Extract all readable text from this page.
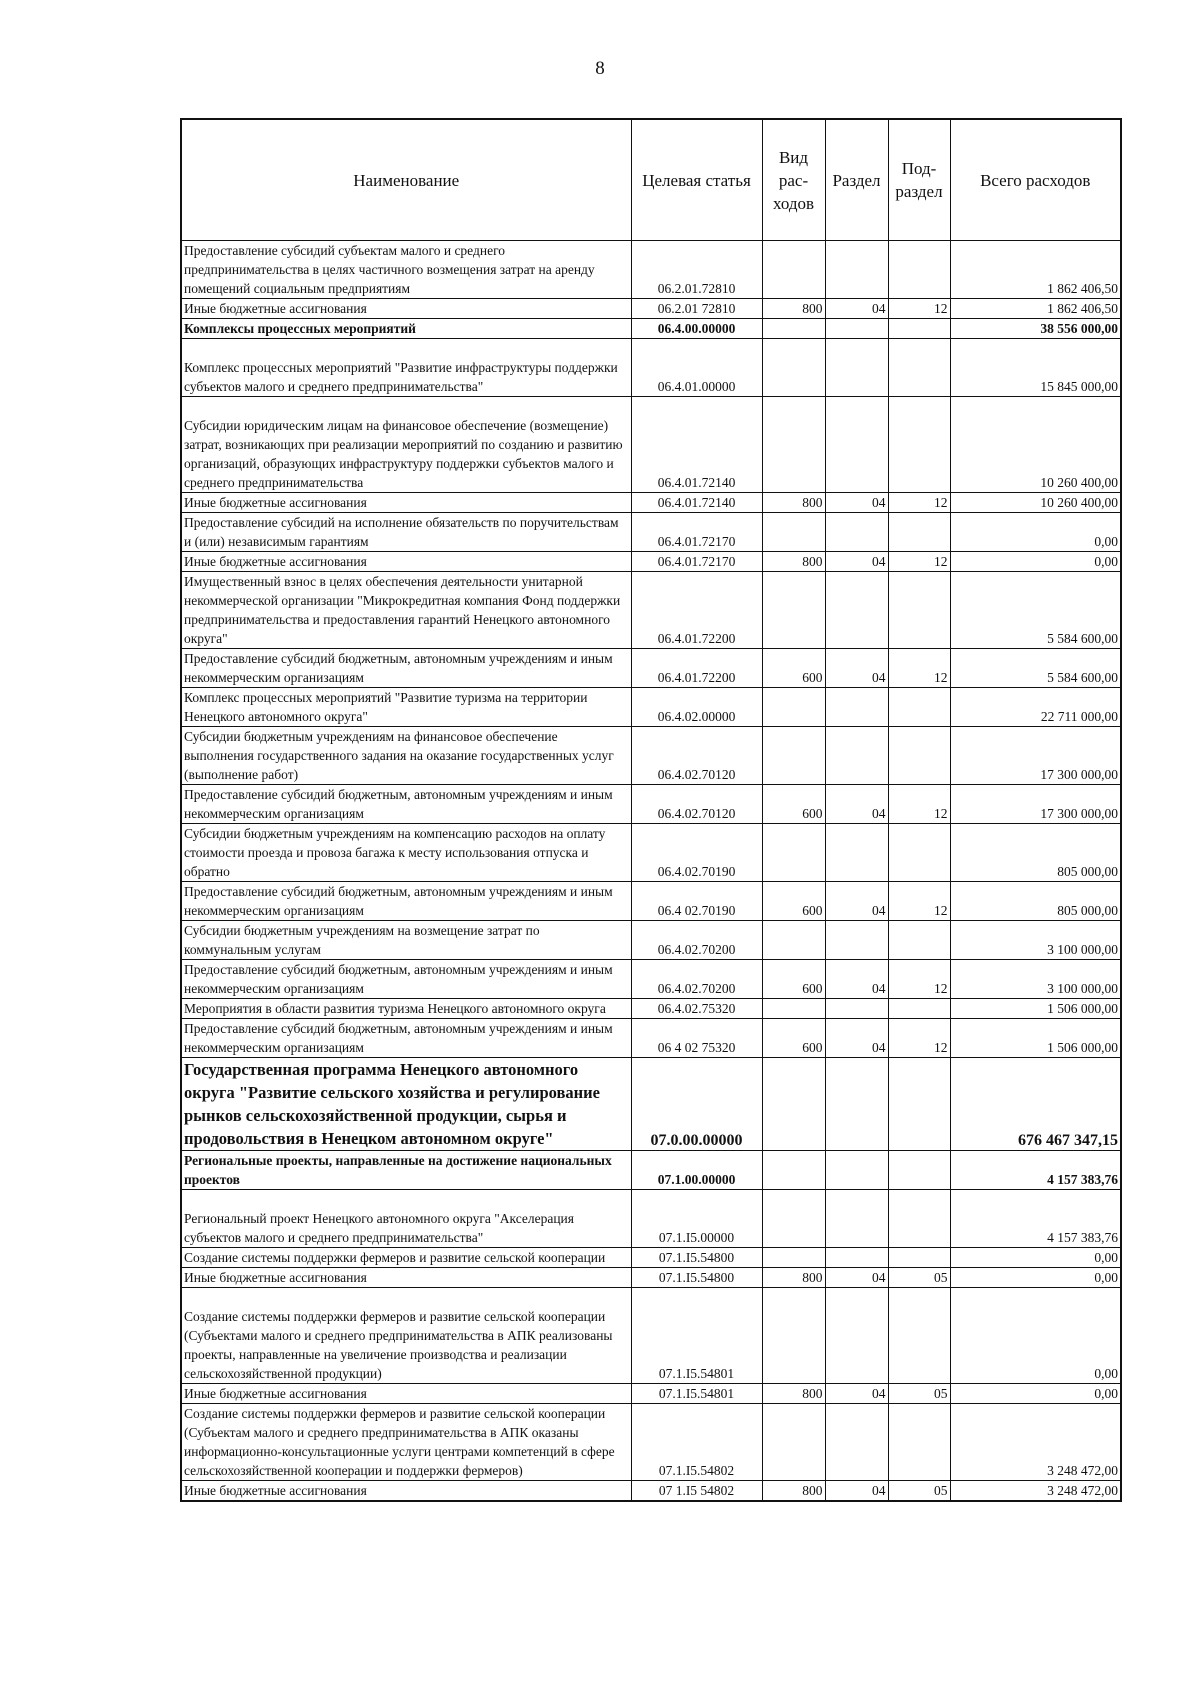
8
Наименование	Целевая статья	Вид рас- ходов	Раздел	Под- раздел	Всего расходов
Предоставление субсидий субъектам малого и среднего предпринимательства в целях частичного возмещения затрат на аренду помещений социальным предприятиям	06.2.01.72810				1 862 406,50
Иные бюджетные ассигнования	06.2.01 72810	800	04	12	1 862 406,50
Комплексы процессных мероприятий	06.4.00.00000				38 556 000,00
Комплекс процессных мероприятий "Развитие инфраструктуры поддержки субъектов малого и среднего предпринимательства"	06.4.01.00000				15 845 000,00
Субсидии юридическим лицам на финансовое обеспечение (возмещение) затрат, возникающих при реализации мероприятий по созданию и развитию организаций, образующих инфраструктуру поддержки субъектов малого и среднего предпринимательства	06.4.01.72140				10 260 400,00
Иные бюджетные ассигнования	06.4.01.72140	800	04	12	10 260 400,00
Предоставление субсидий на исполнение обязательств по поручительствам и (или) независимым гарантиям	06.4.01.72170				0,00
Иные бюджетные ассигнования	06.4.01.72170	800	04	12	0,00
Имущественный взнос в целях обеспечения деятельности унитарной некоммерческой организации "Микрокредитная компания Фонд поддержки предпринимательства и предоставления гарантий Ненецкого автономного округа"	06.4.01.72200				5 584 600,00
Предоставление субсидий бюджетным, автономным учреждениям и иным некоммерческим организациям	06.4.01.72200	600	04	12	5 584 600,00
Комплекс процессных мероприятий "Развитие туризма на территории Ненецкого автономного округа"	06.4.02.00000				22 711 000,00
Субсидии бюджетным учреждениям на финансовое обеспечение выполнения государственного задания на оказание государственных услуг (выполнение работ)	06.4.02.70120				17 300 000,00
Предоставление субсидий бюджетным, автономным учреждениям и иным некоммерческим организациям	06.4.02.70120	600	04	12	17 300 000,00
Субсидии бюджетным учреждениям на компенсацию расходов на оплату стоимости проезда и провоза багажа к месту использования отпуска и обратно	06.4.02.70190				805 000,00
Предоставление субсидий бюджетным, автономным учреждениям и иным некоммерческим организациям	06.4 02.70190	600	04	12	805 000,00
Субсидии бюджетным учреждениям на возмещение затрат по коммунальным услугам	06.4.02.70200				3 100 000,00
Предоставление субсидий бюджетным, автономным учреждениям и иным некоммерческим организациям	06.4.02.70200	600	04	12	3 100 000,00
Мероприятия в области развития туризма Ненецкого автономного округа	06.4.02.75320				1 506 000,00
Предоставление субсидий бюджетным, автономным учреждениям и иным некоммерческим организациям	06 4 02 75320	600	04	12	1 506 000,00
Государственная программа Ненецкого автономного округа "Развитие сельского хозяйства и регулирование рынков сельскохозяйственной продукции, сырья и продовольствия в Ненецком автономном округе"	07.0.00.00000				676 467 347,15
Региональные проекты, направленные на достижение национальных проектов	07.1.00.00000				4 157 383,76
Региональный проект Ненецкого автономного округа "Акселерация субъектов малого и среднего предпринимательства"	07.1.I5.00000				4 157 383,76
Создание системы поддержки фермеров и развитие сельской кооперации	07.1.I5.54800				0,00
Иные бюджетные ассигнования	07.1.I5.54800	800	04	05	0,00
Создание системы поддержки фермеров и развитие сельской кооперации (Субъектами малого и среднего предпринимательства в АПК реализованы проекты, направленные на увеличение производства и реализации сельскохозяйственной продукции)	07.1.I5.54801				0,00
Иные бюджетные ассигнования	07.1.I5.54801	800	04	05	0,00
Создание системы поддержки фермеров и развитие сельской кооперации (Субъектам малого и среднего предпринимательства в АПК оказаны информационно-консультационные услуги центрами компетенций в сфере сельскохозяйственной кооперации и поддержки фермеров)	07.1.I5.54802				3 248 472,00
Иные бюджетные ассигнования	07 1.I5 54802	800	04	05	3 248 472,00
